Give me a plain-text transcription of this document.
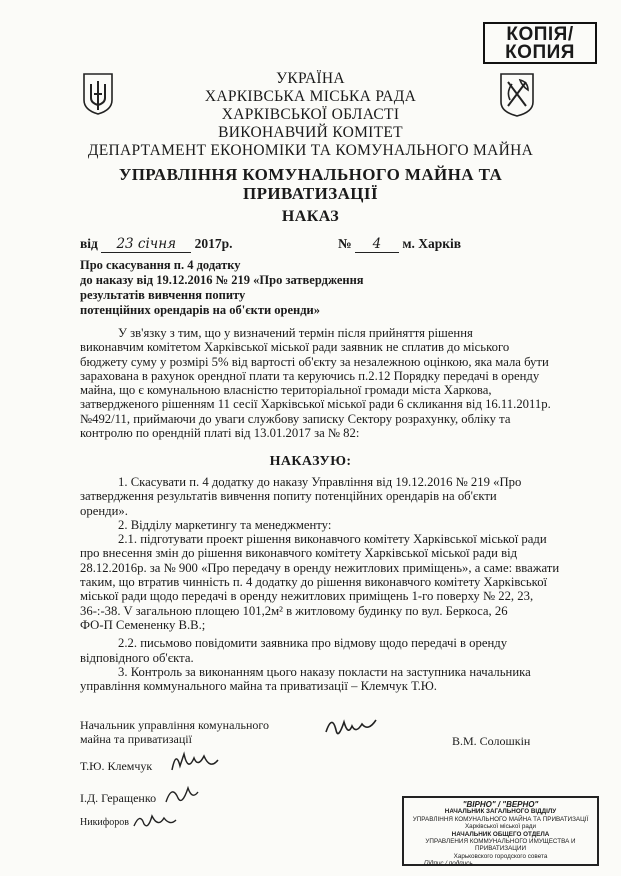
КОПІЯ/
КОПИЯ
УКРАЇНА
ХАРКІВСЬКА МІСЬКА РАДА
ХАРКІВСЬКОЇ ОБЛАСТІ
ВИКОНАВЧИЙ КОМІТЕТ
ДЕПАРТАМЕНТ ЕКОНОМІКИ ТА КОМУНАЛЬНОГО МАЙНА
УПРАВЛІННЯ КОМУНАЛЬНОГО МАЙНА ТА
ПРИВАТИЗАЦІЇ
НАКАЗ
від 23 січня 2017р.	№ 4 м. Харків
Про скасування п. 4 додатку
до наказу від 19.12.2016 № 219 «Про затвердження
результатів вивчення попиту
потенційних орендарів на об'єкти оренди»
У зв'язку з тим, що у визначений термін після прийняття рішення
виконавчим комітетом Харківської міської ради заявник не сплатив до міського
бюджету суму у розмірі 5% від вартості об'єкту за незалежною оцінкою, яка мала бути
зарахована в рахунок орендної плати та керуючись п.2.12 Порядку передачі в оренду
майна, що є комунальною власністю територіальної громади міста Харкова,
затвердженого рішенням 11 сесії Харківської міської ради 6 скликання від 16.11.2011р.
№492/11, приймаючи до уваги службову записку Сектору розрахунку, обліку та
контролю по орендній платі від 13.01.2017 за № 82:
НАКАЗУЮ:
1. Скасувати п. 4 додатку до наказу Управління від 19.12.2016 № 219 «Про
затвердження результатів вивчення попиту потенційних орендарів на об'єкти
оренди».
2. Відділу маркетингу та менеджменту:
2.1. підготувати проект рішення виконавчого комітету Харківської міської ради
про внесення змін до рішення виконавчого комітету Харківської міської ради від
28.12.2016р. за № 900 «Про передачу в оренду нежитлових приміщень», а саме: вважати
таким, що втратив чинність п. 4 додатку до рішення виконавчого комітету Харківської
міської ради щодо передачі в оренду нежитлових приміщень 1-го поверху № 22, 23,
36-:-38. V загальною площею 101,2м² в житловому будинку по вул. Беркоса, 26
ФО-П Семененку В.В.;
2.2. письмово повідомити заявника про відмову щодо передачі в оренду
відповідного об'єкта.
3. Контроль за виконанням цього наказу покласти на заступника начальника
управління коммунального майна та приватизації – Клемчук Т.Ю.
Начальник управління комунального
майна та приватизації	В.М. Солошкін
Т.Ю. Клемчук
І.Д. Геращенко
Никифоров
"ВІРНО" / "ВЕРНО"
НАЧАЛЬНИК ЗАГАЛЬНОГО ВІДДІЛУ
УПРАВЛІННЯ КОМУНАЛЬНОГО МАЙНА ТА ПРИВАТИЗАЦІЇ
Харківської міської ради
НАЧАЛЬНИК ОБЩЕГО ОТДЕЛА
УПРАВЛЕНИЯ КОММУНАЛЬНОГО ИМУЩЕСТВА И ПРИВАТИЗАЦИИ
Харьковского городского совета
Підпис / подпись
